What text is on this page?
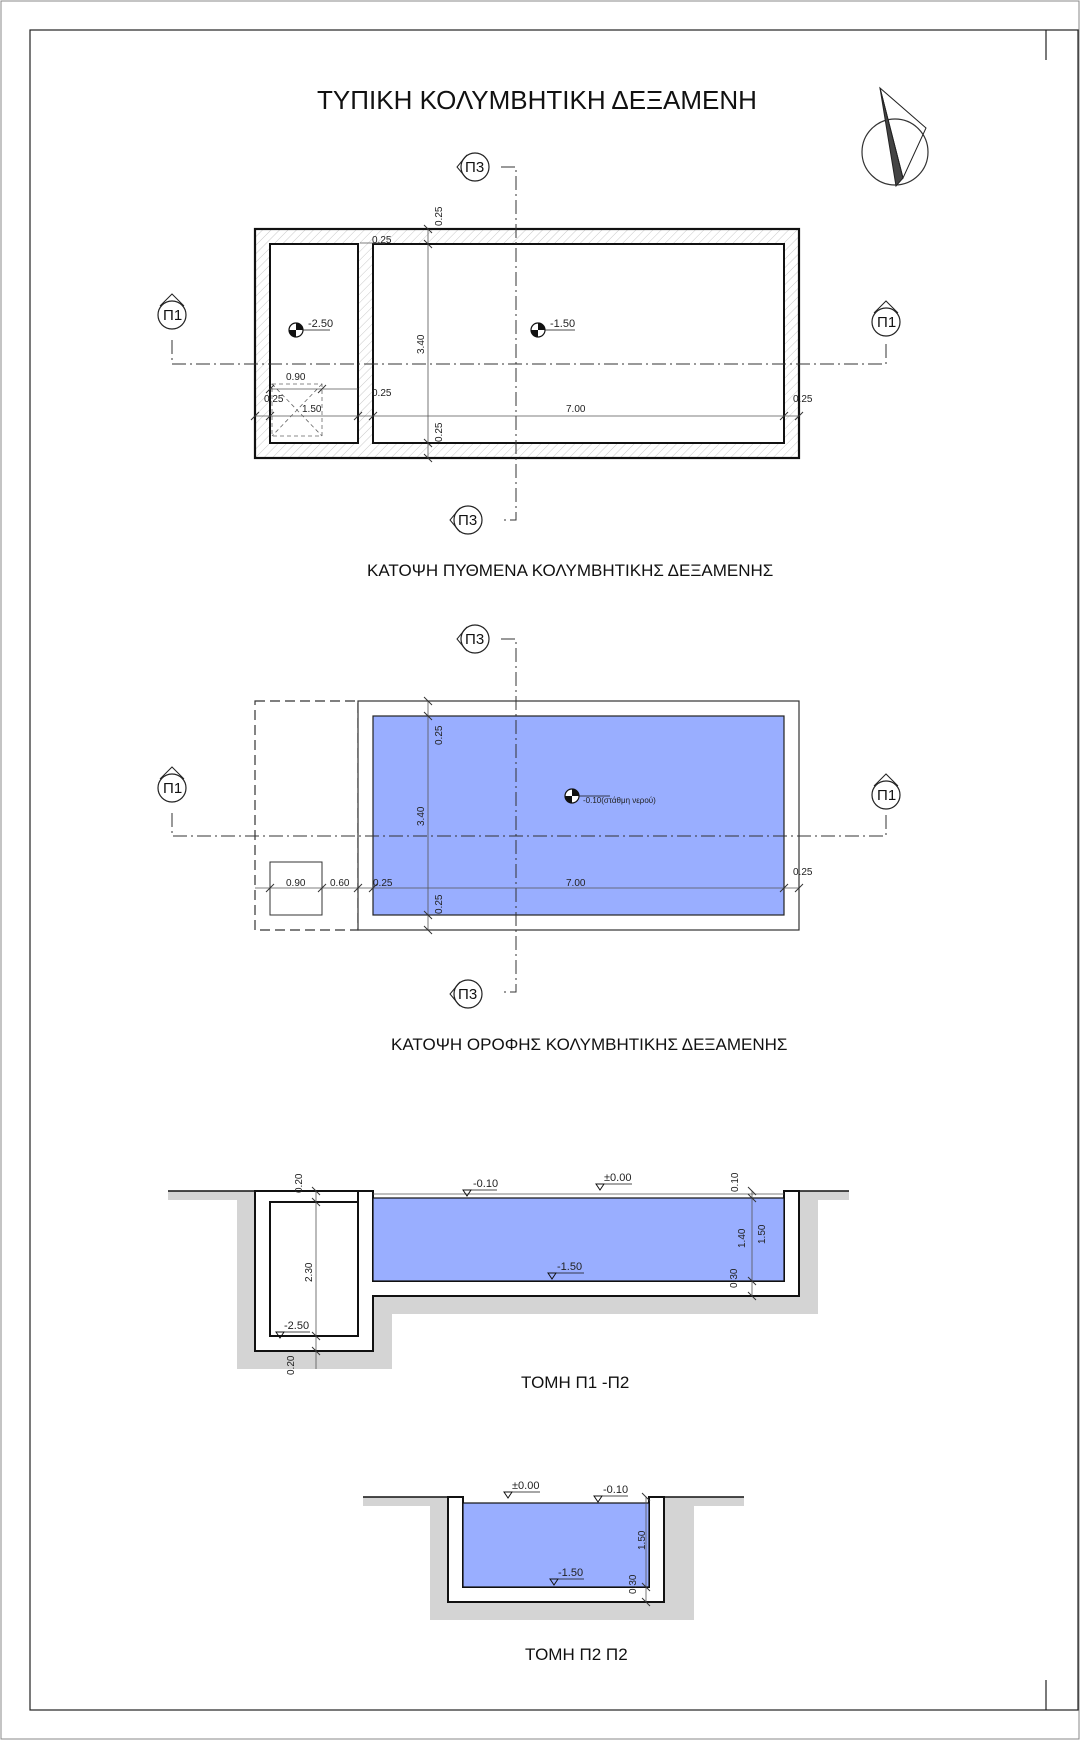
ΤΥΠΙΚΗ ΚΟΛΥΜΒΗΤΙΚΗ ΔΕΞΑΜΕΝΗ
Π1	Π1
Π3
Π3
-2.50	-1.50
0.25
0.25
3.40
0.90
0.25
1.50
0.25
7.00
0.25
0.25
ΚΑΤΟΨΗ ΠΥΘΜΕΝΑ ΚΟΛΥΜΒΗΤΙΚΗΣ ΔΕΞΑΜΕΝΗΣ
Π1	Π1
Π3
Π3
-0.10(στάθμη νερού)
0.25
3.40
0.90 0.60 0.25	7.00
0.25
0.25
ΚΑΤΟΨΗ ΟΡΟΦΗΣ ΚΟΛΥΜΒΗΤΙΚΗΣ ΔΕΞΑΜΕΝΗΣ
-0.10	±0.00
-1.50
-2.50
0.20
2.30
0.20
0.10
1.40 1.50
0.30
ΤΟΜΗ Π1 -Π2
±0.00	-0.10
-1.50
1.50
0.30
ΤΟΜΗ Π2 Π2
